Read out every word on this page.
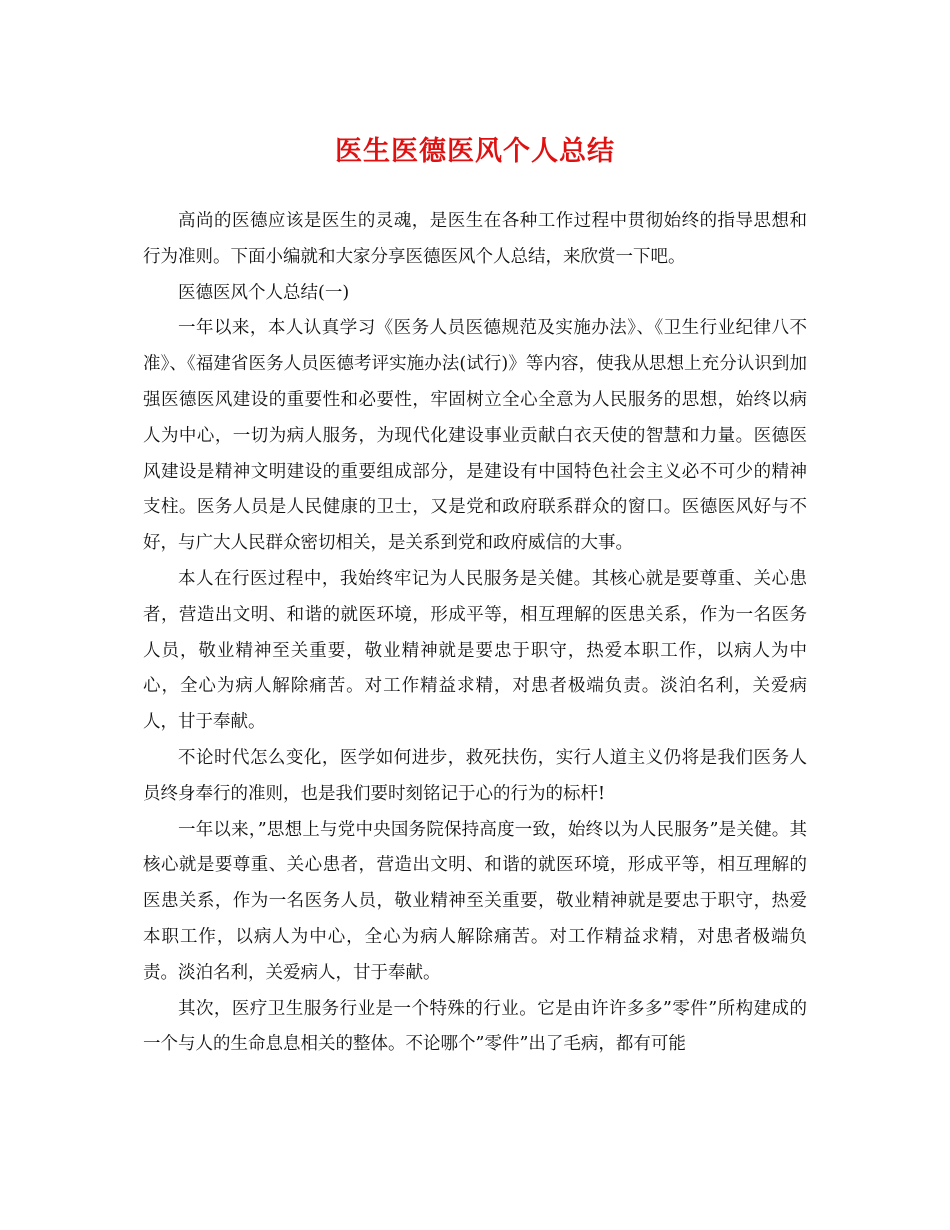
医生医德医风个人总结

高尚的医德应该是医生的灵魂，是医生在各种工作过程中贯彻始终的指导思想和行为准则。下面小编就和大家分享医德医风个人总结，来欣赏一下吧。

医德医风个人总结(一)

一年以来，本人认真学习《医务人员医德规范及实施办法》、《卫生行业纪律八不准》、《福建省医务人员医德考评实施办法(试行)》等内容，使我从思想上充分认识到加强医德医风建设的重要性和必要性，牢固树立全心全意为人民服务的思想，始终以病人为中心，一切为病人服务，为现代化建设事业贡献白衣天使的智慧和力量。医德医风建设是精神文明建设的重要组成部分，是建设有中国特色社会主义必不可少的精神支柱。医务人员是人民健康的卫士，又是党和政府联系群众的窗口。医德医风好与不好，与广大人民群众密切相关，是关系到党和政府威信的大事。

本人在行医过程中，我始终牢记为人民服务是关健。其核心就是要尊重、关心患者，营造出文明、和谐的就医环境，形成平等，相互理解的医患关系，作为一名医务人员，敬业精神至关重要，敬业精神就是要忠于职守，热爱本职工作，以病人为中心，全心为病人解除痛苦。对工作精益求精，对患者极端负责。淡泊名利，关爱病人，甘于奉献。

不论时代怎么变化，医学如何进步，救死扶伤，实行人道主义仍将是我们医务人员终身奉行的准则，也是我们要时刻铭记于心的行为的标杆!

一年以来，”思想上与党中央国务院保持高度一致，始终以为人民服务”是关健。其核心就是要尊重、关心患者，营造出文明、和谐的就医环境，形成平等，相互理解的医患关系，作为一名医务人员，敬业精神至关重要，敬业精神就是要忠于职守，热爱本职工作，以病人为中心，全心为病人解除痛苦。对工作精益求精，对患者极端负责。淡泊名利，关爱病人，甘于奉献。

其次，医疗卫生服务行业是一个特殊的行业。它是由许许多多”零件”所构建成的一个与人的生命息息相关的整体。不论哪个”零件”出了毛病，都有可能
